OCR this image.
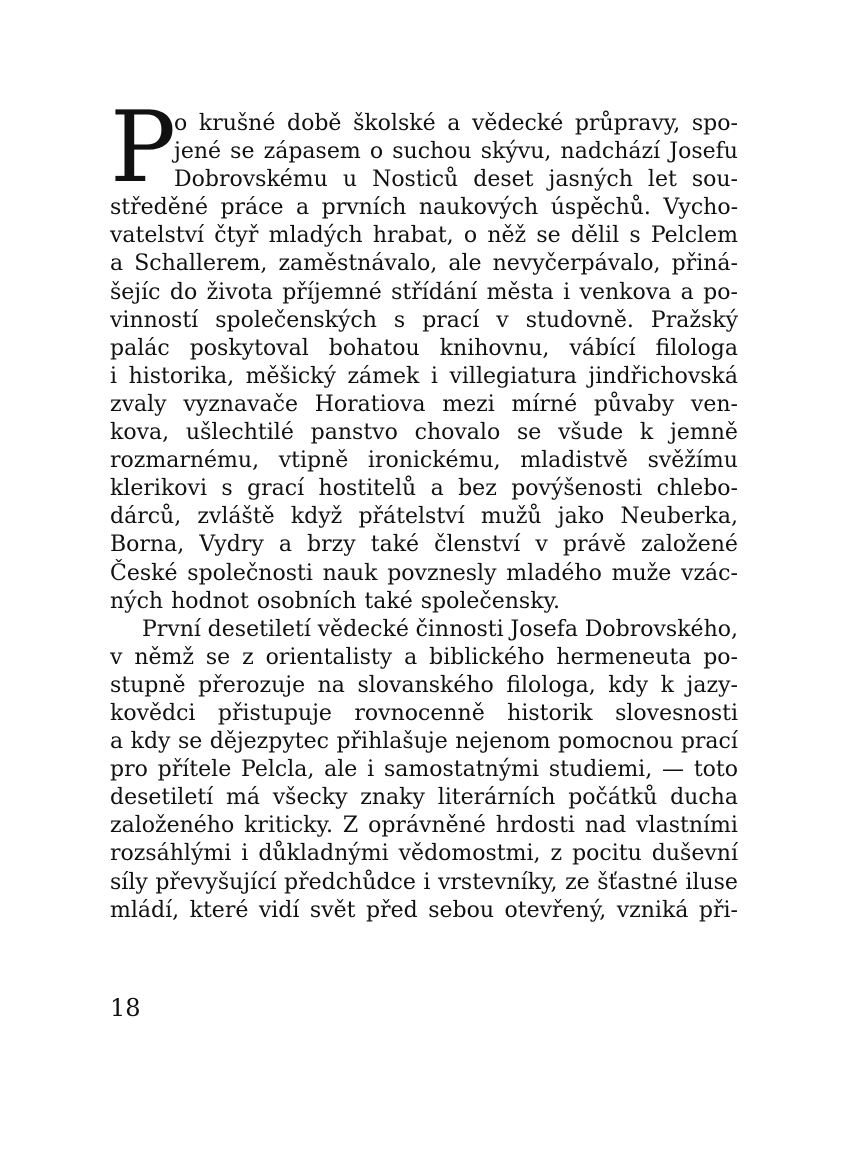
P
o krušné době školské a vědecké průpravy, spo-
jené se zápasem o suchou skývu, nadchází Josefu
Dobrovskému u Nosticů deset jasných let sou-
středěné práce a prvních naukových úspěchů. Vycho-
vatelství čtyř mladých hrabat, o něž se dělil s Pelclem
a Schallerem, zaměstnávalo, ale nevyčerpávalo, přiná-
šejíc do života příjemné střídání města i venkova a po-
vinností společenských s prací v studovně. Pražský
palác poskytoval bohatou knihovnu, vábící filologa
i historika, měšický zámek i villegiatura jindřichovská
zvaly vyznavače Horatiova mezi mírné půvaby ven-
kova, ušlechtilé panstvo chovalo se všude k jemně
rozmarnému, vtipně ironickému, mladistvě svěžímu
klerikovi s grací hostitelů a bez povýšenosti chlebo-
dárců, zvláště když přátelství mužů jako Neuberka,
Borna, Vydry a brzy také členství v právě založené
České společnosti nauk povznesly mladého muže vzác-
ných hodnot osobních také společensky.
První desetiletí vědecké činnosti Josefa Dobrovského,
v němž se z orientalisty a biblického hermeneuta po-
stupně přerozuje na slovanského filologa, kdy k jazy-
kovědci přistupuje rovnocenně historik slovesnosti
a kdy se dějezpytec přihlašuje nejenom pomocnou prací
pro přítele Pelcla, ale i samostatnými studiemi, — toto
desetiletí má všecky znaky literárních počátků ducha
založeného kriticky. Z oprávněné hrdosti nad vlastními
rozsáhlými i důkladnými vědomostmi, z pocitu duševní
síly převyšující předchůdce i vrstevníky, ze šťastné iluse
mládí, které vidí svět před sebou otevřený, vzniká při-
18
